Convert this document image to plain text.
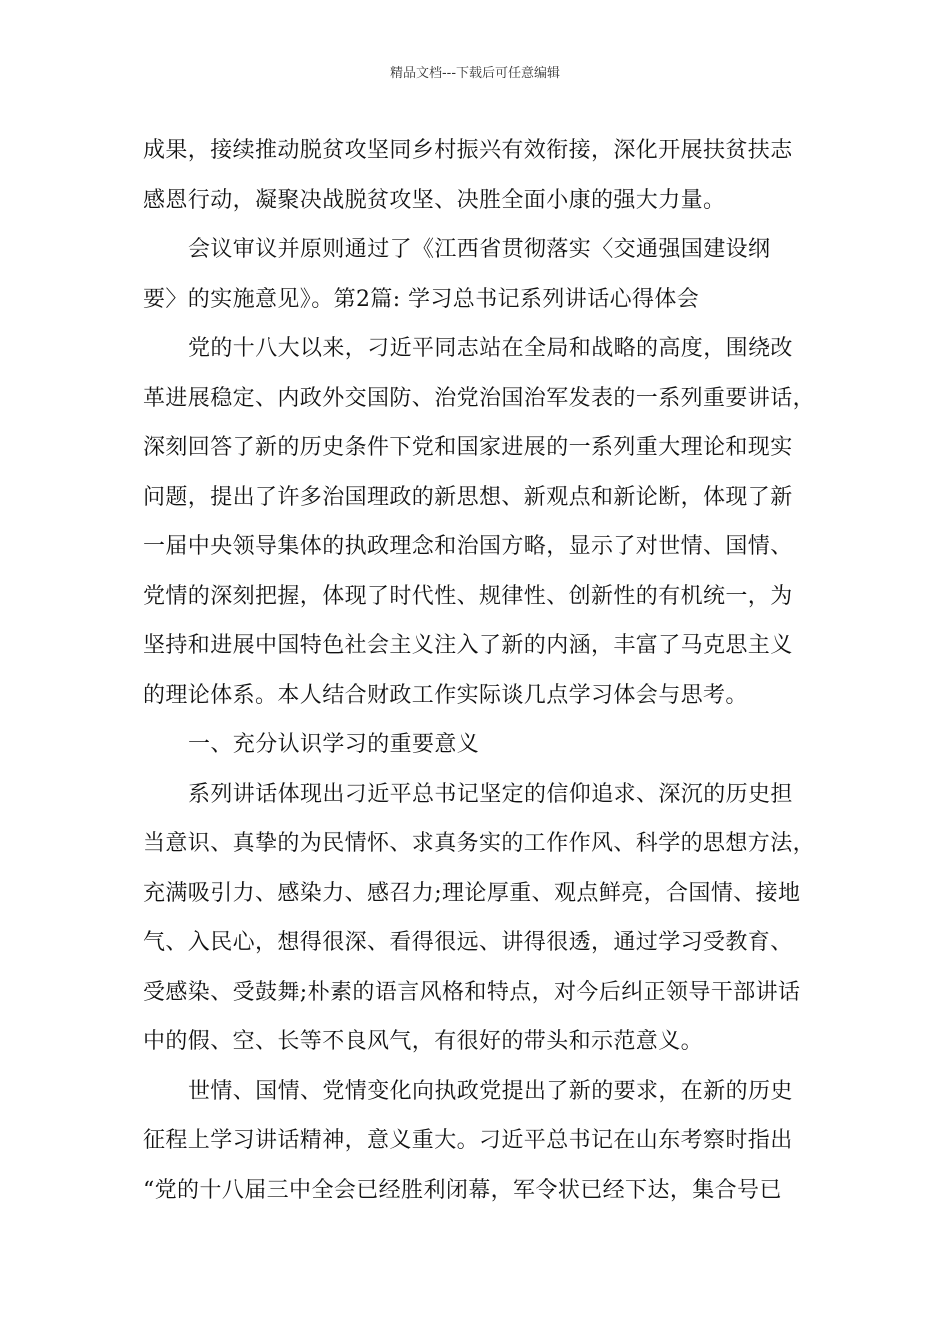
精品文档---下载后可任意编辑
成果，接续推动脱贫攻坚同乡村振兴有效衔接，深化开展扶贫扶志
感恩行动，凝聚决战脱贫攻坚、决胜全面小康的强大力量。
会议审议并原则通过了《江西省贯彻落实〈交通强国建设纲
要〉的实施意见》。第2篇: 学习总书记系列讲话心得体会
党的十八大以来，刁近平同志站在全局和战略的高度，围绕改
革进展稳定、内政外交国防、治党治国治军发表的一系列重要讲话，
深刻回答了新的历史条件下党和国家进展的一系列重大理论和现实
问题，提出了许多治国理政的新思想、新观点和新论断，体现了新
一届中央领导集体的执政理念和治国方略，显示了对世情、国情、
党情的深刻把握，体现了时代性、规律性、创新性的有机统一，为
坚持和进展中国特色社会主义注入了新的内涵，丰富了马克思主义
的理论体系。本人结合财政工作实际谈几点学习体会与思考。
一、充分认识学习的重要意义
系列讲话体现出刁近平总书记坚定的信仰追求、深沉的历史担
当意识、真挚的为民情怀、求真务实的工作作风、科学的思想方法，
充满吸引力、感染力、感召力;理论厚重、观点鲜亮，合国情、接地
气、入民心，想得很深、看得很远、讲得很透，通过学习受教育、
受感染、受鼓舞;朴素的语言风格和特点，对今后纠正领导干部讲话
中的假、空、长等不良风气，有很好的带头和示范意义。
世情、国情、党情变化向执政党提出了新的要求，在新的历史
征程上学习讲话精神，意义重大。刁近平总书记在山东考察时指出
“党的十八届三中全会已经胜利闭幕，军令状已经下达，集合号已
